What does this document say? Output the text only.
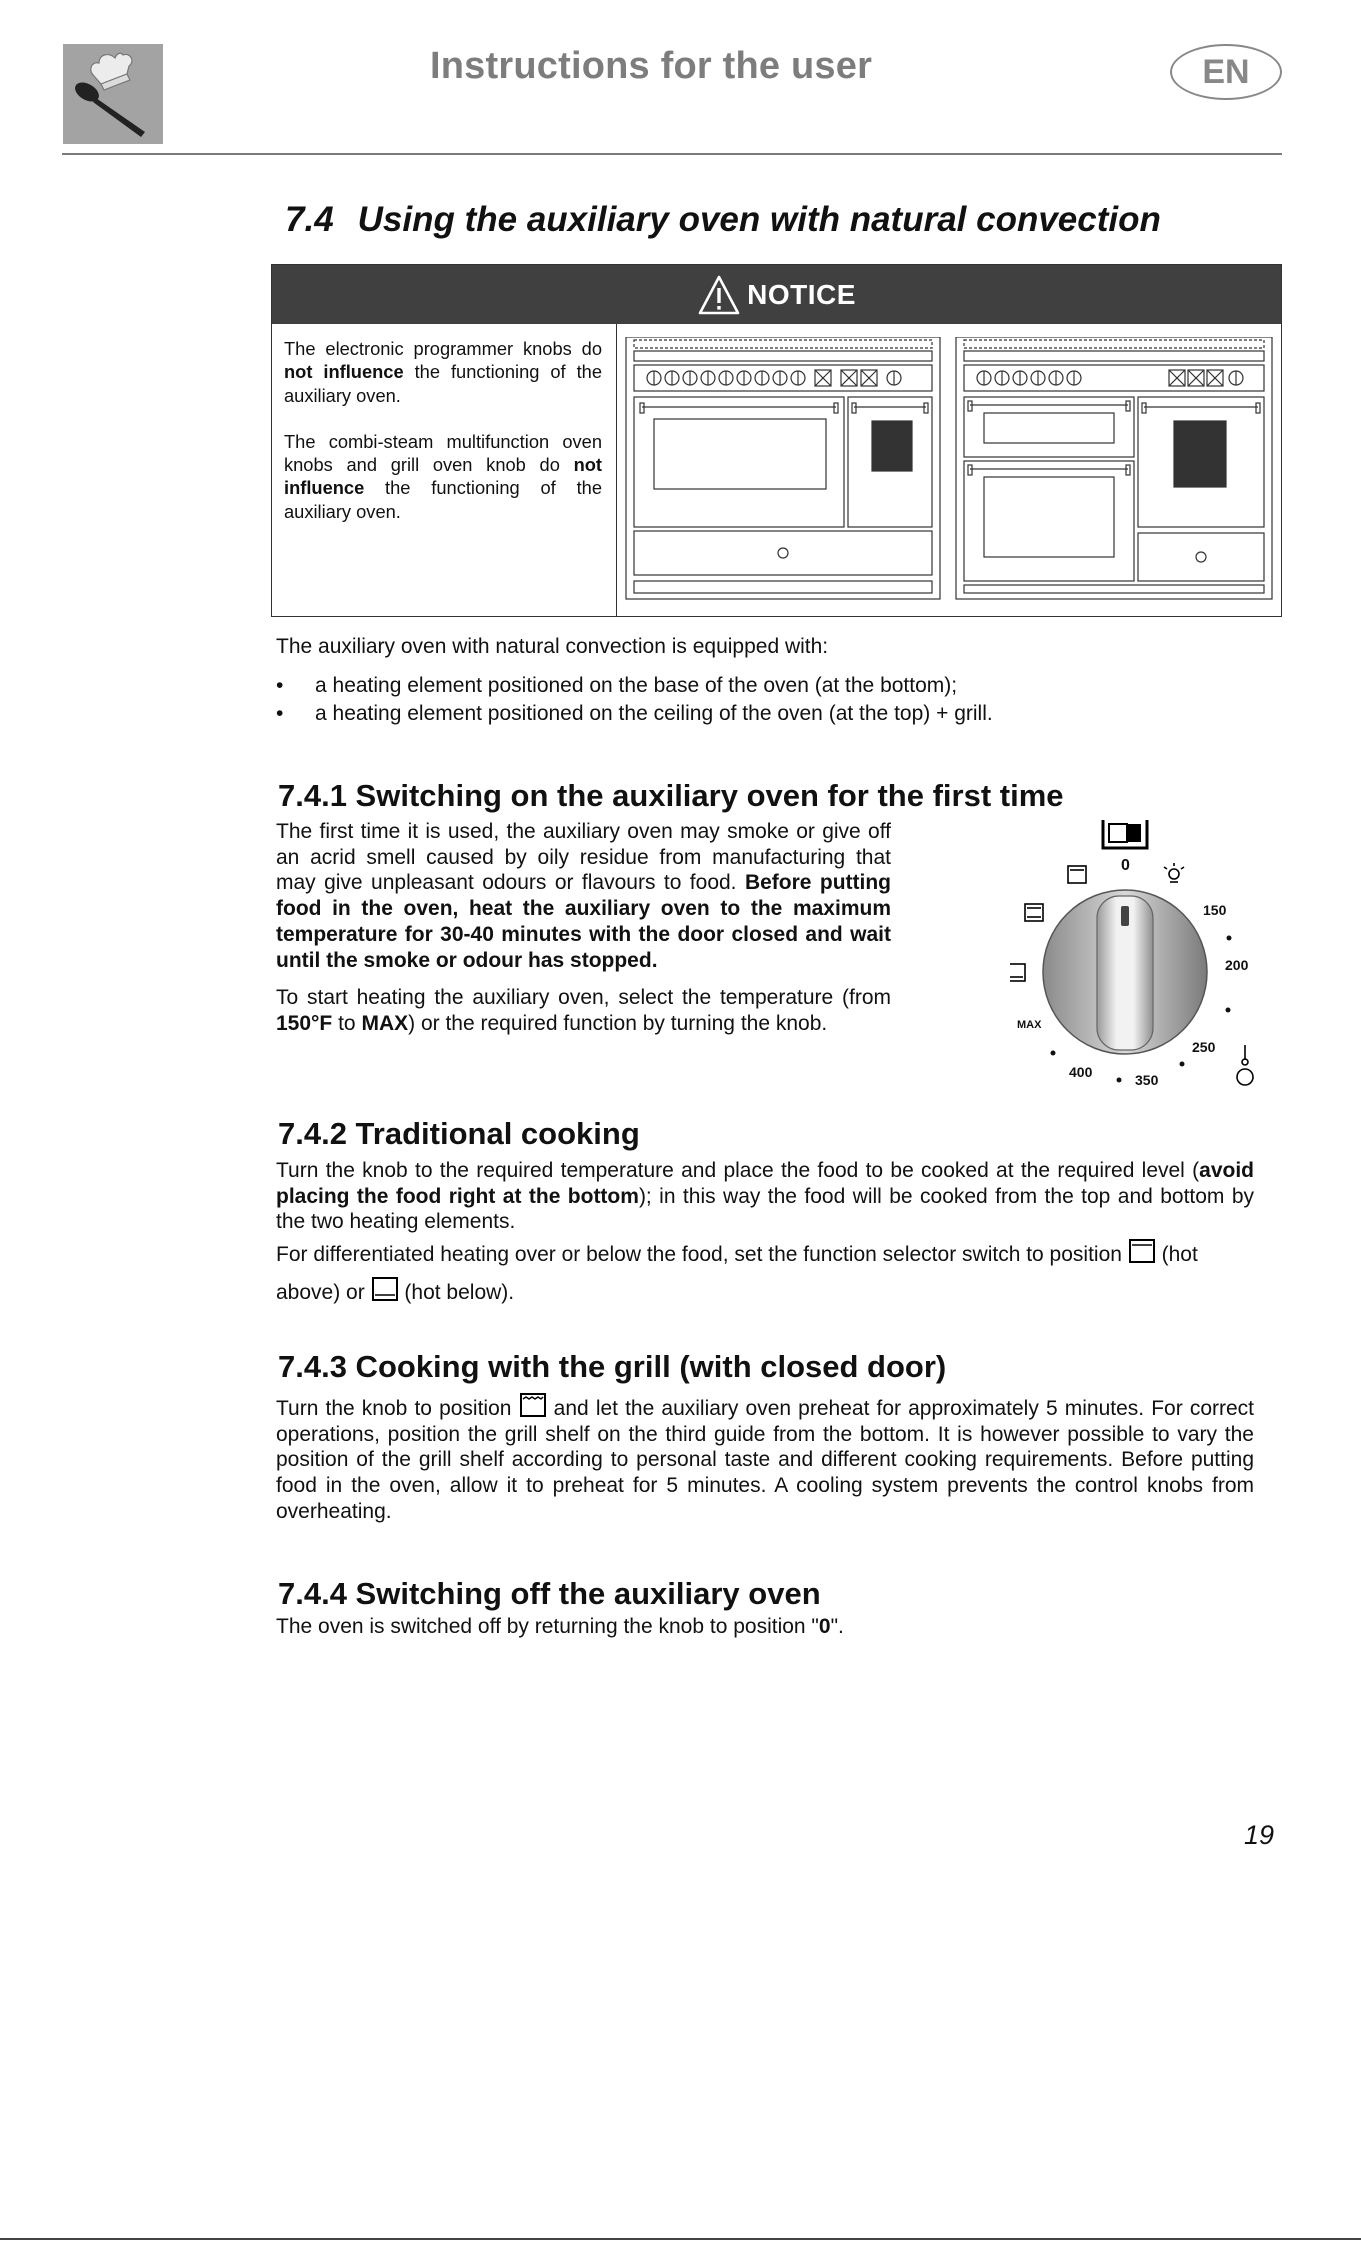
Instructions for the user	EN
7.4 Using the auxiliary oven with natural convection
NOTICE

The electronic programmer knobs do not influence the functioning of the auxiliary oven.

The combi-steam multifunction oven knobs and grill oven knob do not influence the functioning of the auxiliary oven.

The auxiliary oven with natural convection is equipped with:
• a heating element positioned on the base of the oven (at the bottom);
• a heating element positioned on the ceiling of the oven (at the top) + grill.
7.4.1 Switching on the auxiliary oven for the first time
The first time it is used, the auxiliary oven may smoke or give off an acrid smell caused by oily residue from manufacturing that may give unpleasant odours or flavours to food. Before putting food in the oven, heat the auxiliary oven to the maximum temperature for 30-40 minutes with the door closed and wait until the smoke or odour has stopped.
To start heating the auxiliary oven, select the temperature (from 150°F to MAX) or the required function by turning the knob.
0
150
200
250
350
400
MAX
7.4.2 Traditional cooking
Turn the knob to the required temperature and place the food to be cooked at the required level (avoid placing the food right at the bottom); in this way the food will be cooked from the top and bottom by the two heating elements.
For differentiated heating over or below the food, set the function selector switch to position  (hot above) or  (hot below).
7.4.3 Cooking with the grill (with closed door)
Turn the knob to position  and let the auxiliary oven preheat for approximately 5 minutes. For correct operations, position the grill shelf on the third guide from the bottom. It is however possible to vary the position of the grill shelf according to personal taste and different cooking requirements. Before putting food in the oven, allow it to preheat for 5 minutes. A cooling system prevents the control knobs from overheating.
7.4.4 Switching off the auxiliary oven
The oven is switched off by returning the knob to position "0".
19
